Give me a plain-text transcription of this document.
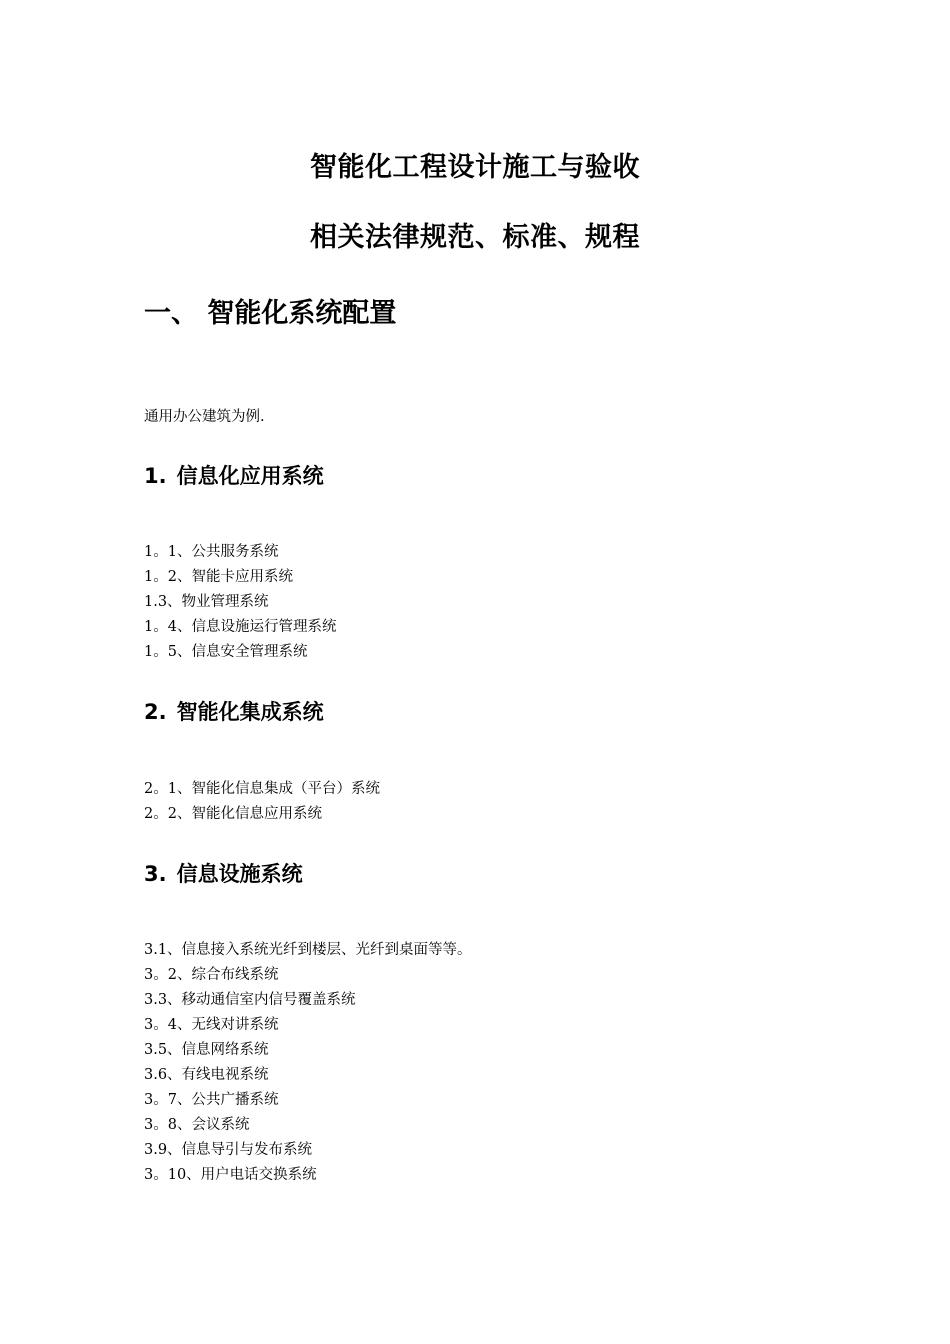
智能化工程设计施工与验收
相关法律规范、标准、规程
一、 智能化系统配置
通用办公建筑为例.
1. 信息化应用系统
1。1、公共服务系统
1。2、智能卡应用系统
1.3、物业管理系统
1。4、信息设施运行管理系统
1。5、信息安全管理系统
2. 智能化集成系统
2。1、智能化信息集成（平台）系统
2。2、智能化信息应用系统
3. 信息设施系统
3.1、信息接入系统光纤到楼层、光纤到桌面等等。
3。2、综合布线系统
3.3、移动通信室内信号覆盖系统
3。4、无线对讲系统
3.5、信息网络系统
3.6、有线电视系统
3。7、公共广播系统
3。8、会议系统
3.9、信息导引与发布系统
3。10、用户电话交换系统
